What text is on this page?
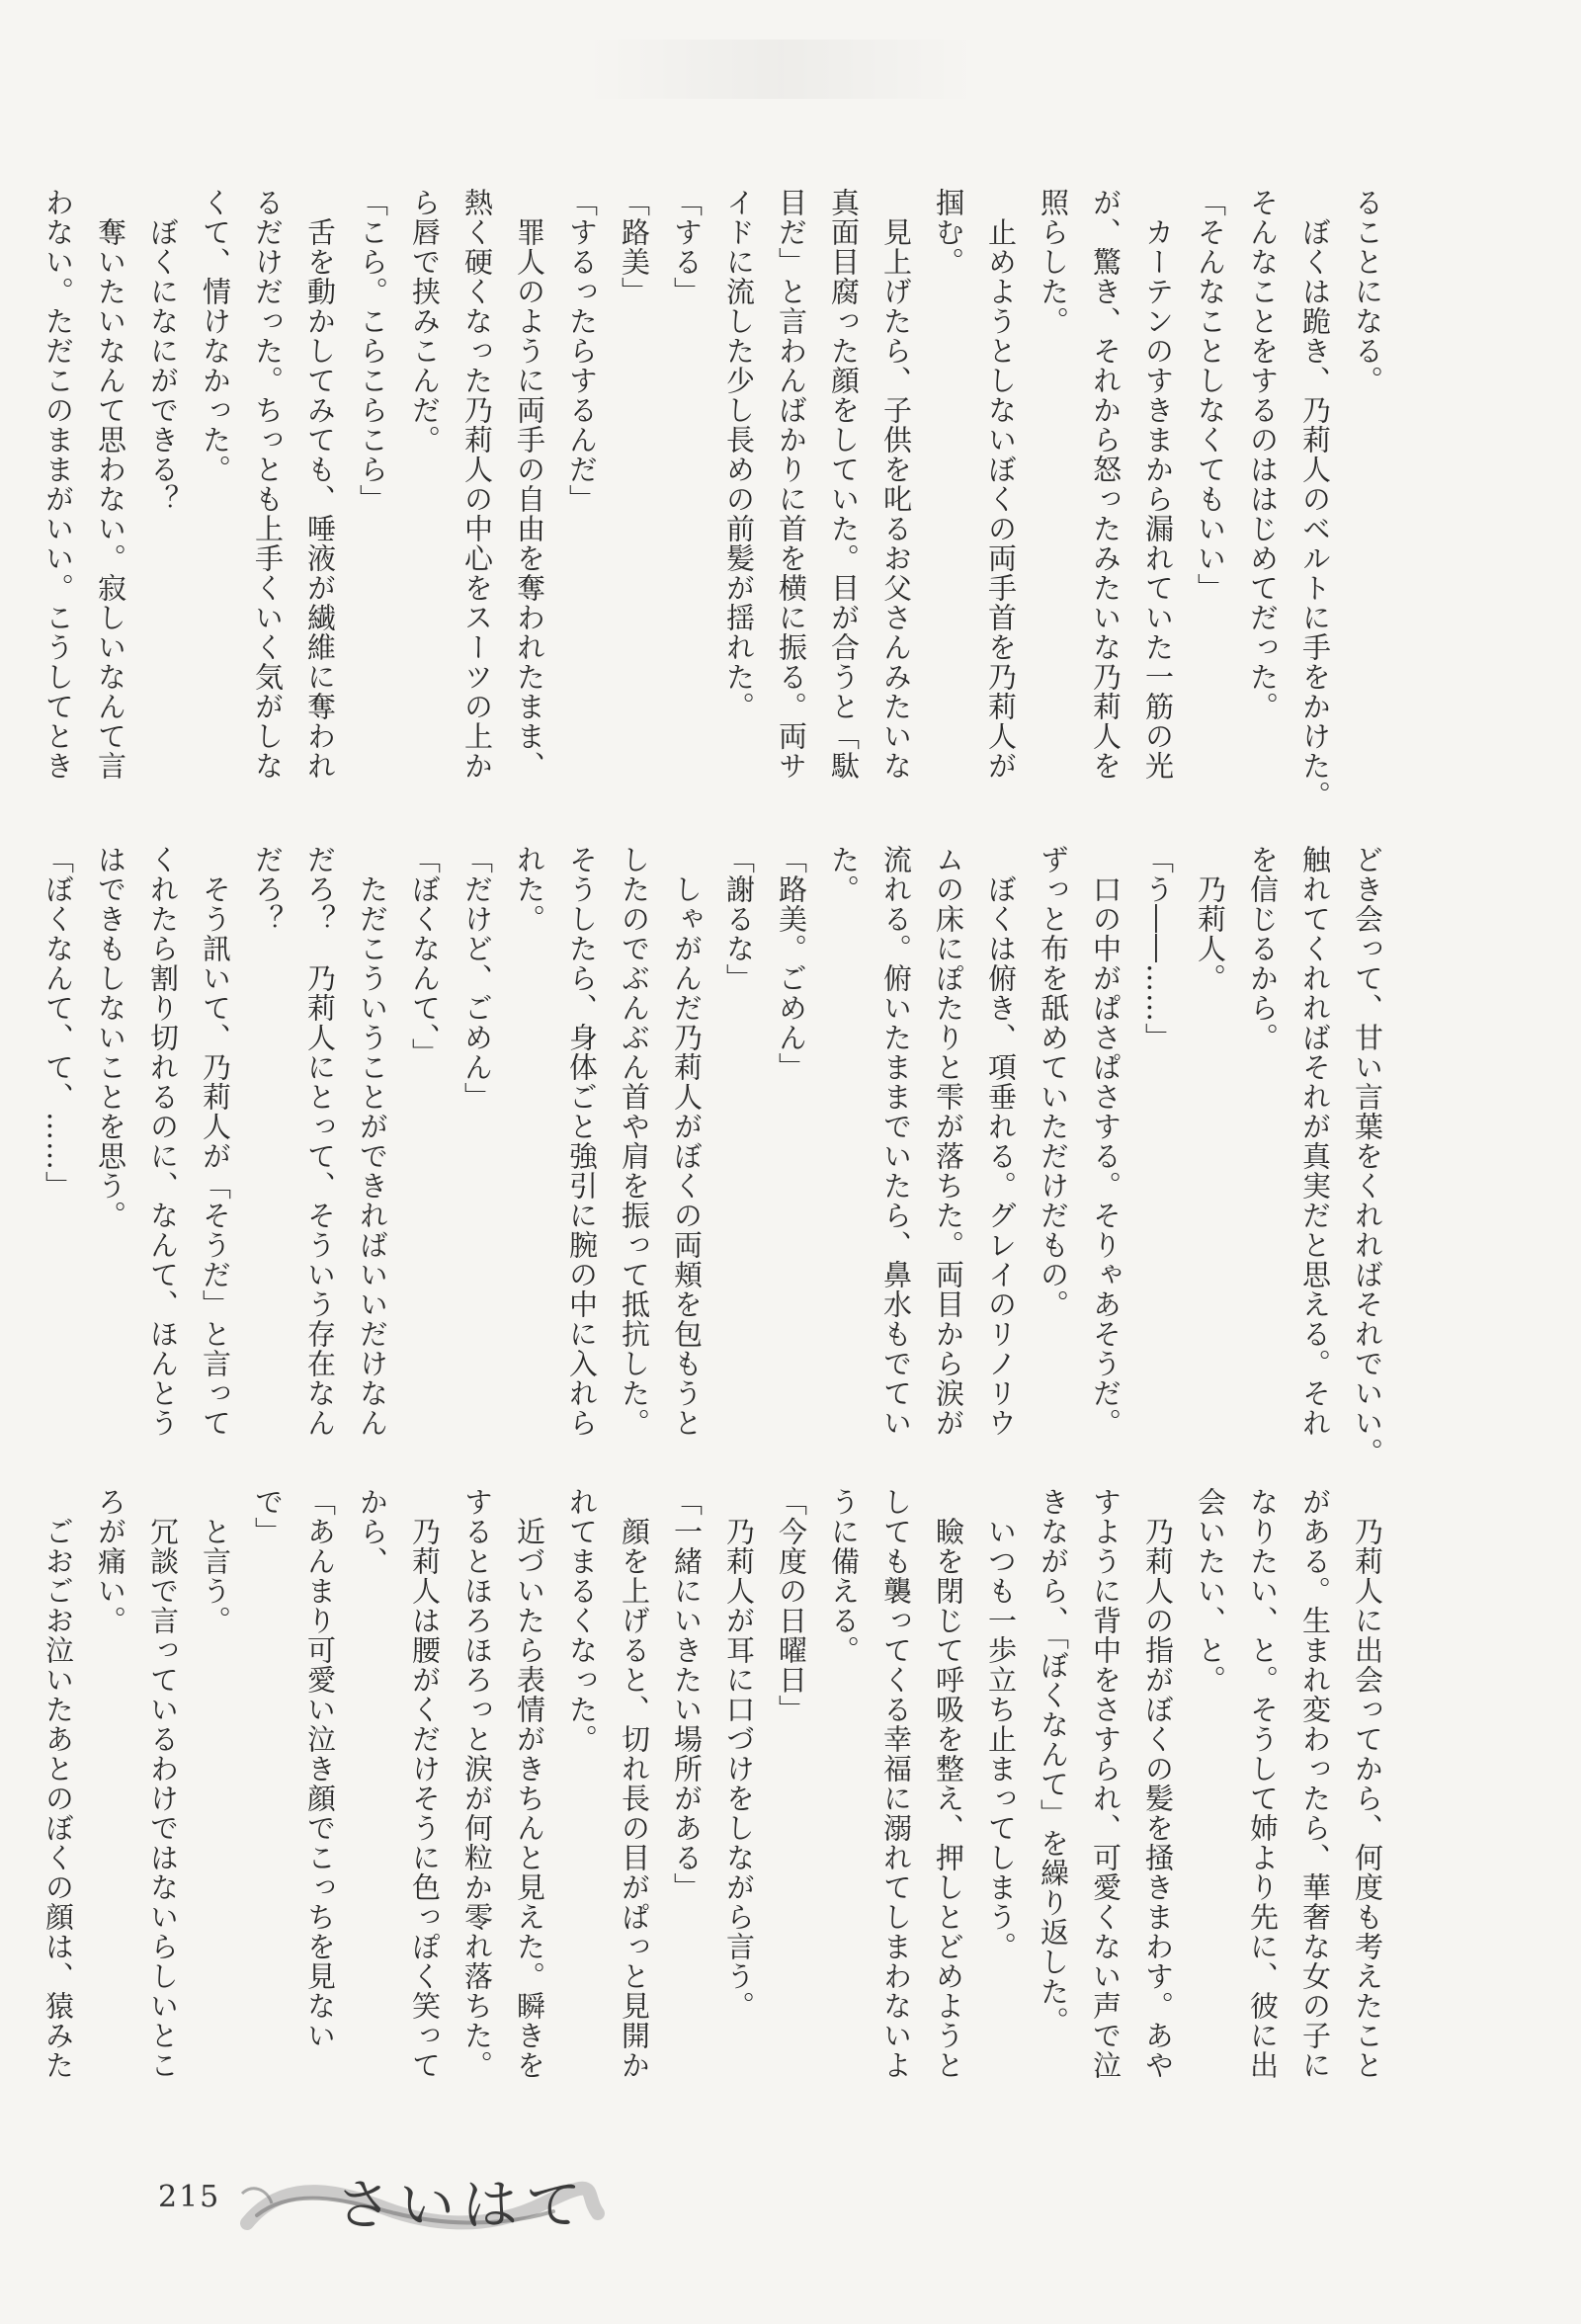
ることになる。

　ぼくは跪き、乃莉人のベルトに手をかけた。

そんなことをするのははじめてだった。

「そんなことしなくてもいい」

　カーテンのすきまから漏れていた一筋の光

が、驚き、それから怒ったみたいな乃莉人を

照らした。

　止めようとしないぼくの両手首を乃莉人が

掴む。

　見上げたら、子供を叱るお父さんみたいな

真面目腐った顔をしていた。目が合うと「駄

目だ」と言わんばかりに首を横に振る。両サ

イドに流した少し長めの前髪が揺れた。

「する」

「路美」

「するったらするんだ」

　罪人のように両手の自由を奪われたまま、

熱く硬くなった乃莉人の中心をスーツの上か

ら唇で挟みこんだ。

「こら。こらこらこら」

　舌を動かしてみても、唾液が繊維に奪われ

るだけだった。ちっとも上手くいく気がしな

くて、情けなかった。

　ぼくになにができる？

　奪いたいなんて思わない。寂しいなんて言

わない。ただこのままがいい。こうしてとき

どき会って、甘い言葉をくれればそれでいい。

触れてくれればそれが真実だと思える。それ

を信じるから。

　乃莉人。

「う――……」

　口の中がぱさぱさする。そりゃあそうだ。

ずっと布を舐めていただけだもの。

　ぼくは俯き、項垂れる。グレイのリノリウ

ムの床にぽたりと雫が落ちた。両目から涙が

流れる。俯いたままでいたら、鼻水もでてい

た。

「路美。ごめん」

「謝るな」

　しゃがんだ乃莉人がぼくの両頬を包もうと

したのでぶんぶん首や肩を振って抵抗した。

そうしたら、身体ごと強引に腕の中に入れら

れた。

「だけど、ごめん」

「ぼくなんて、」

　ただこういうことができればいいだけなん

だろ？　乃莉人にとって、そういう存在なん

だろ？

　そう訊いて、乃莉人が「そうだ」と言って

くれたら割り切れるのに、なんて、ほんとう

はできもしないことを思う。

「ぼくなんて、て、……」

　乃莉人に出会ってから、何度も考えたこと

がある。生まれ変わったら、華奢な女の子に

なりたい、と。そうして姉より先に、彼に出

会いたい、と。

　乃莉人の指がぼくの髪を掻きまわす。あや

すように背中をさすられ、可愛くない声で泣

きながら、「ぼくなんて」を繰り返した。

　いつも一歩立ち止まってしまう。

　瞼を閉じて呼吸を整え、押しとどめようと

しても襲ってくる幸福に溺れてしまわないよ

うに備える。

「今度の日曜日」

　乃莉人が耳に口づけをしながら言う。

「一緒にいきたい場所がある」

　顔を上げると、切れ長の目がぱっと見開か

れてまるくなった。

　近づいたら表情がきちんと見えた。瞬きを

するとほろほろっと涙が何粒か零れ落ちた。

　乃莉人は腰がくだけそうに色っぽく笑って

から、

「あんまり可愛い泣き顔でこっちを見ない

で」

　と言う。

　冗談で言っているわけではないらしいとこ

ろが痛い。

　ごおごお泣いたあとのぼくの顔は、猿みた

215 さいはて
